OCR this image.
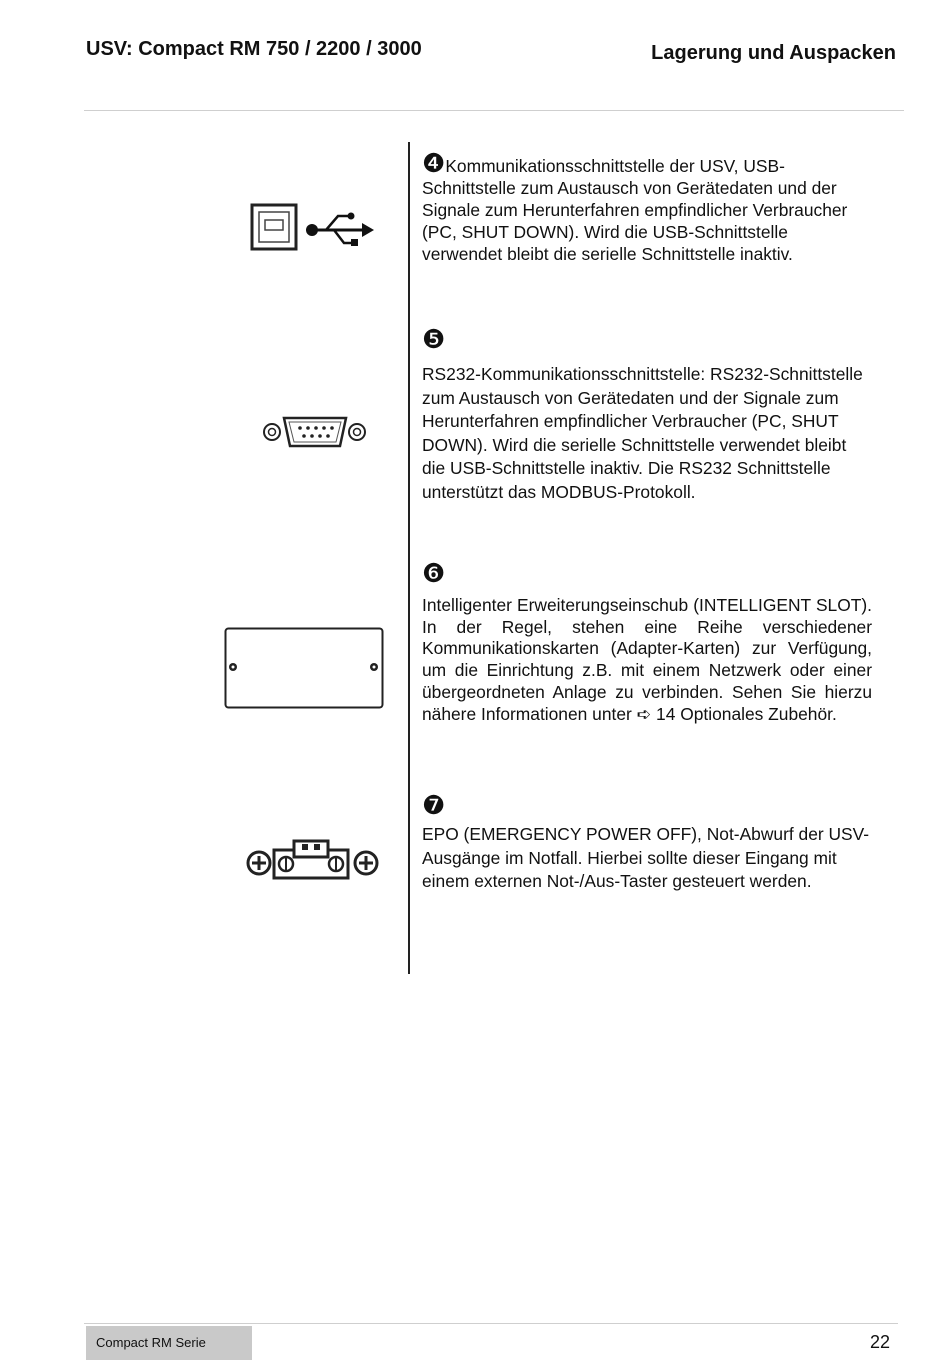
USV: Compact RM 750 / 2200 / 3000	Lagerung und Auspacken

❹Kommunikationsschnittstelle der USV, USB-Schnittstelle zum Austausch von Gerätedaten und der Signale zum Herunterfahren empfindlicher Verbraucher (PC, SHUT DOWN). Wird die USB-Schnittstelle verwendet bleibt die serielle Schnittstelle inaktiv.

❺

RS232-Kommunikationsschnittstelle: RS232-Schnittstelle zum Austausch von Gerätedaten und der Signale zum Herunterfahren empfindlicher Verbraucher (PC, SHUT DOWN). Wird die serielle Schnittstelle verwendet bleibt die USB-Schnittstelle inaktiv. Die RS232 Schnittstelle unterstützt das MODBUS-Protokoll.

❻

Intelligenter Erweiterungseinschub (INTELLIGENT SLOT). In der Regel, stehen eine Reihe verschiedener Kommunikationskarten (Adapter-Karten) zur Verfügung, um die Einrichtung z.B. mit einem Netzwerk oder einer übergeordneten Anlage zu verbinden. Sehen Sie hierzu nähere Informationen unter ➪ 14 Optionales Zubehör.

❼

EPO (EMERGENCY POWER OFF), Not-Abwurf der USV-Ausgänge im Notfall. Hierbei sollte dieser Eingang mit einem externen Not-/Aus-Taster gesteuert werden.

Compact RM Serie	22
